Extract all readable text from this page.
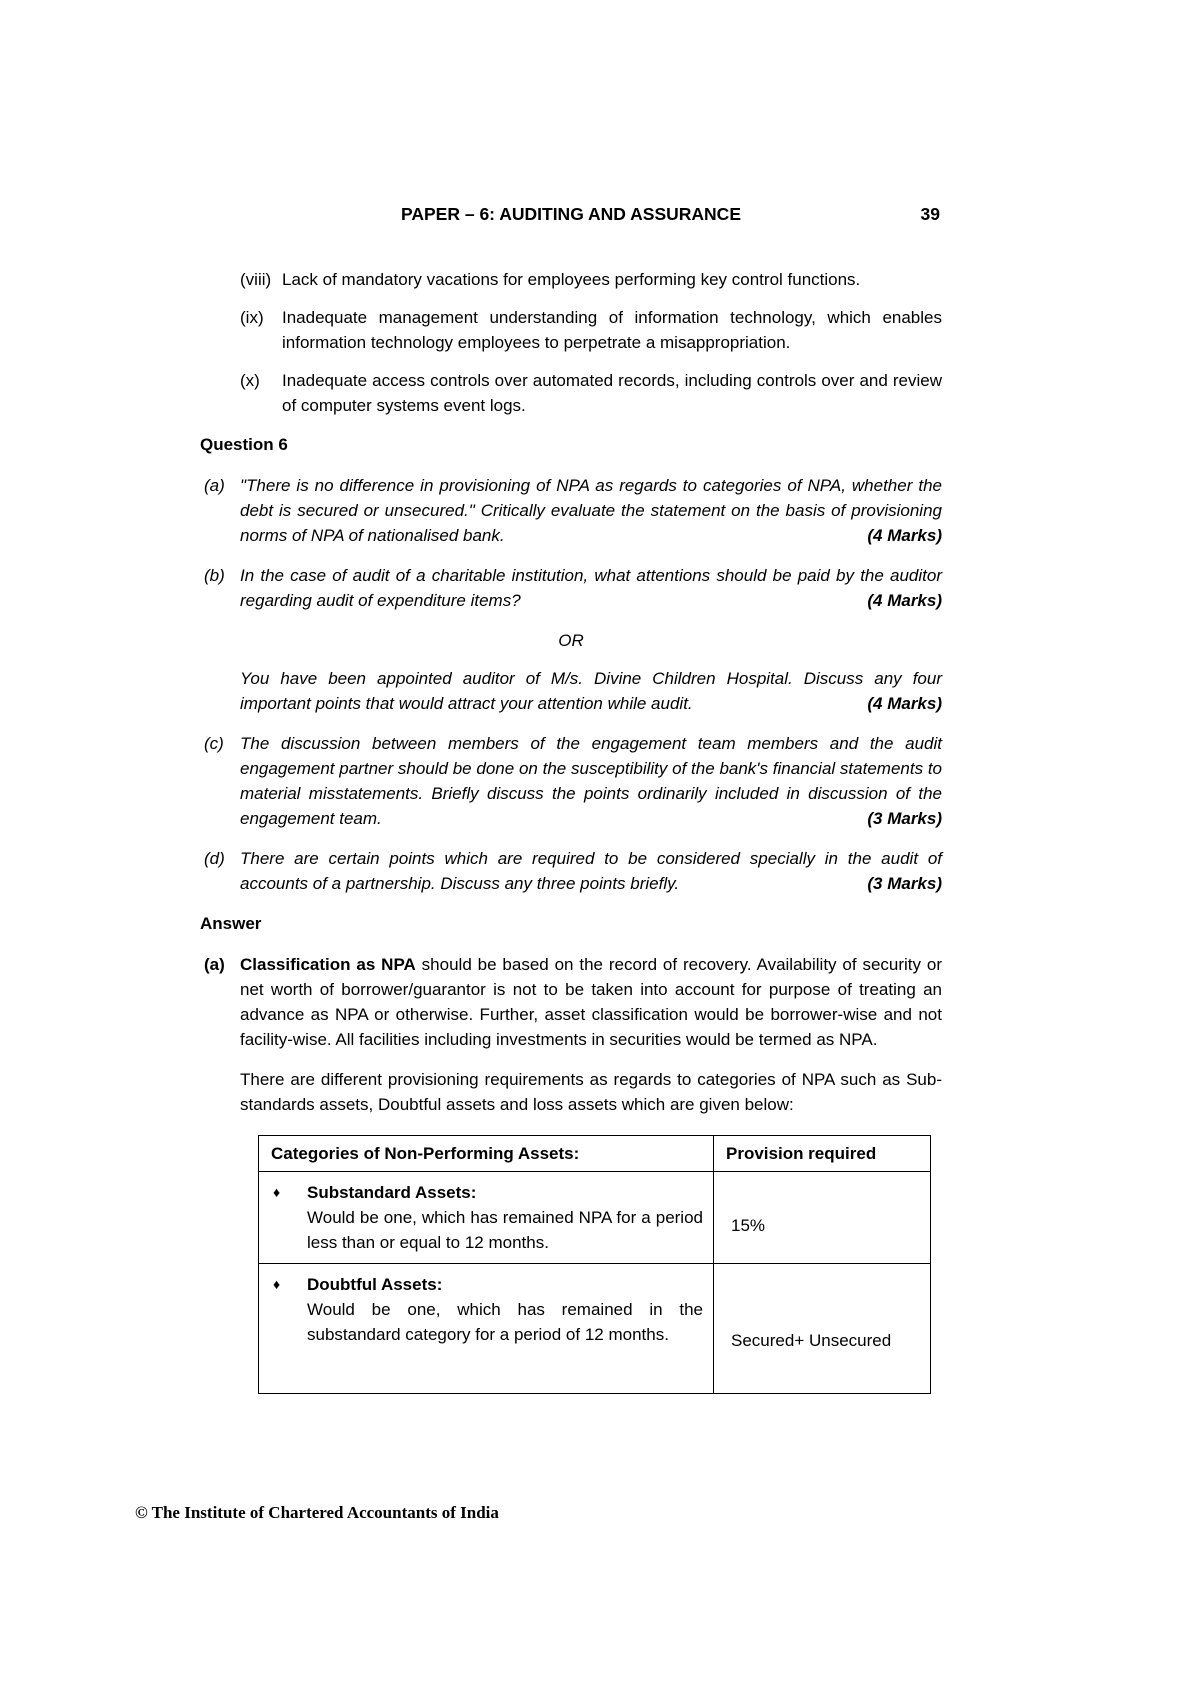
PAPER – 6: AUDITING AND ASSURANCE	39
(viii) Lack of mandatory vacations for employees performing key control functions.
(ix)	Inadequate management understanding of information technology, which enables information technology employees to perpetrate a misappropriation.
(x)	Inadequate access controls over automated records, including controls over and review of computer systems event logs.
Question 6
(a) "There is no difference in provisioning of NPA as regards to categories of NPA, whether the debt is secured or unsecured." Critically evaluate the statement on the basis of provisioning norms of NPA of nationalised bank.	(4 Marks)
(b) In the case of audit of a charitable institution, what attentions should be paid by the auditor regarding audit of expenditure items?	(4 Marks)
OR
You have been appointed auditor of M/s. Divine Children Hospital. Discuss any four important points that would attract your attention while audit.	(4 Marks)
(c) The discussion between members of the engagement team members and the audit engagement partner should be done on the susceptibility of the bank's financial statements to material misstatements. Briefly discuss the points ordinarily included in discussion of the engagement team.	(3 Marks)
(d) There are certain points which are required to be considered specially in the audit of accounts of a partnership. Discuss any three points briefly.	(3 Marks)
Answer
(a) Classification as NPA should be based on the record of recovery. Availability of security or net worth of borrower/guarantor is not to be taken into account for purpose of treating an advance as NPA or otherwise. Further, asset classification would be borrower-wise and not facility-wise. All facilities including investments in securities would be termed as NPA.
There are different provisioning requirements as regards to categories of NPA such as Sub-standards assets, Doubtful assets and loss assets which are given below:
Categories of Non-Performing Assets:	Provision required

♦ Substandard Assets:
Would be one, which has remained NPA for a period less than or equal to 12 months.	15%

♦ Doubtful Assets:
Would be one, which has remained in the substandard category for a period of 12 months.	Secured+ Unsecured
© The Institute of Chartered Accountants of India
